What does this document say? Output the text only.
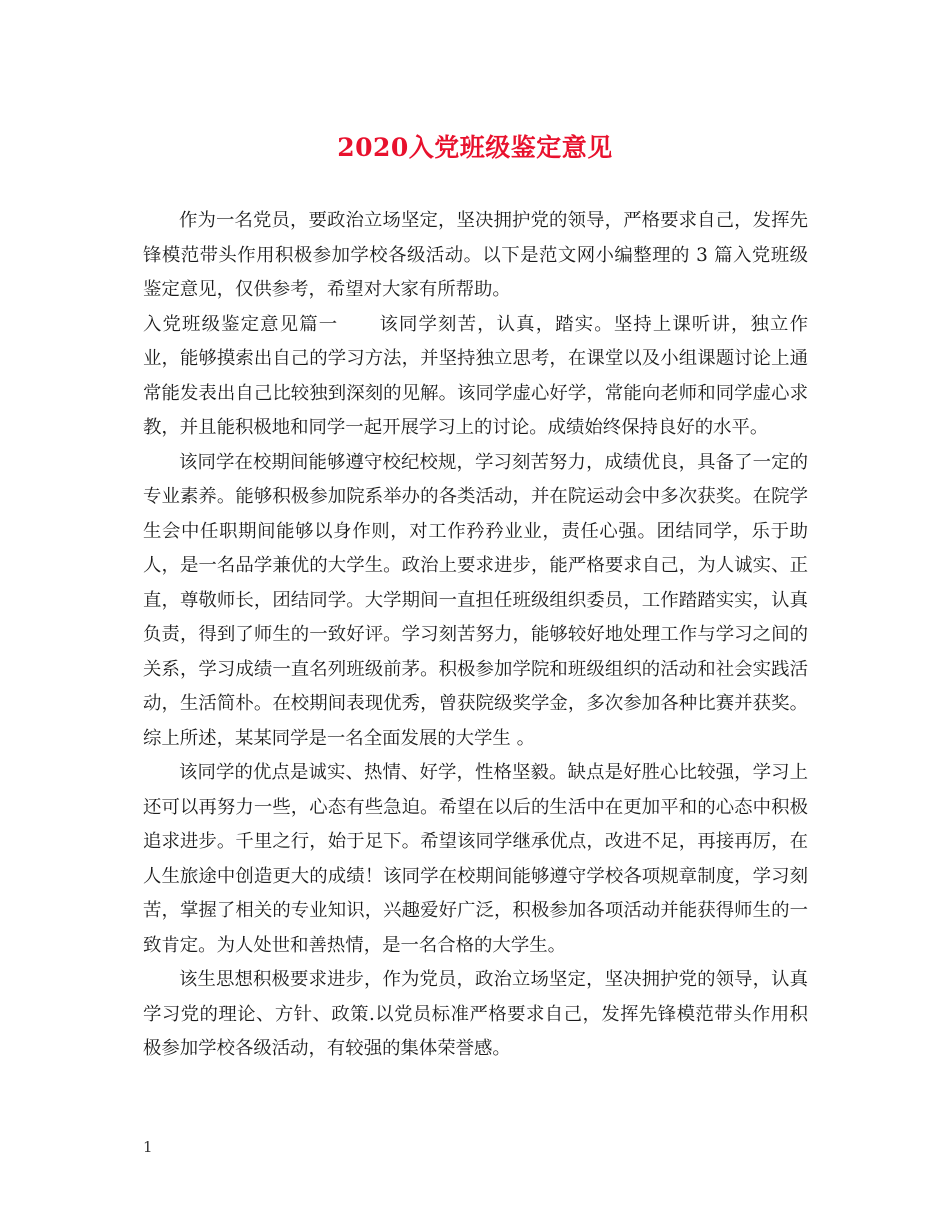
2020入党班级鉴定意见

作为一名党员，要政治立场坚定，坚决拥护党的领导，严格要求自己，发挥先锋模范带头作用积极参加学校各级活动。以下是范文网小编整理的 3 篇入党班级鉴定意见，仅供参考，希望对大家有所帮助。

入党班级鉴定意见篇一 该同学刻苦，认真，踏实。坚持上课听讲，独立作业，能够摸索出自己的学习方法，并坚持独立思考，在课堂以及小组课题讨论上通常能发表出自己比较独到深刻的见解。该同学虚心好学，常能向老师和同学虚心求教，并且能积极地和同学一起开展学习上的讨论。成绩始终保持良好的水平。

该同学在校期间能够遵守校纪校规，学习刻苦努力，成绩优良，具备了一定的专业素养。能够积极参加院系举办的各类活动，并在院运动会中多次获奖。在院学生会中任职期间能够以身作则，对工作矜矜业业，责任心强。团结同学，乐于助人，是一名品学兼优的大学生。政治上要求进步，能严格要求自己，为人诚实、正直，尊敬师长，团结同学。大学期间一直担任班级组织委员，工作踏踏实实，认真负责，得到了师生的一致好评。学习刻苦努力，能够较好地处理工作与学习之间的关系，学习成绩一直名列班级前茅。积极参加学院和班级组织的活动和社会实践活动，生活简朴。在校期间表现优秀，曾获院级奖学金，多次参加各种比赛并获奖。综上所述，某某同学是一名全面发展的大学生 。

该同学的优点是诚实、热情、好学，性格坚毅。缺点是好胜心比较强，学习上还可以再努力一些，心态有些急迫。希望在以后的生活中在更加平和的心态中积极追求进步。千里之行，始于足下。希望该同学继承优点，改进不足，再接再厉，在人生旅途中创造更大的成绩！该同学在校期间能够遵守学校各项规章制度，学习刻苦，掌握了相关的专业知识，兴趣爱好广泛，积极参加各项活动并能获得师生的一致肯定。为人处世和善热情，是一名合格的大学生。

该生思想积极要求进步，作为党员，政治立场坚定，坚决拥护党的领导，认真学习党的理论、方针、政策.以党员标准严格要求自己，发挥先锋模范带头作用积极参加学校各级活动，有较强的集体荣誉感。

1
